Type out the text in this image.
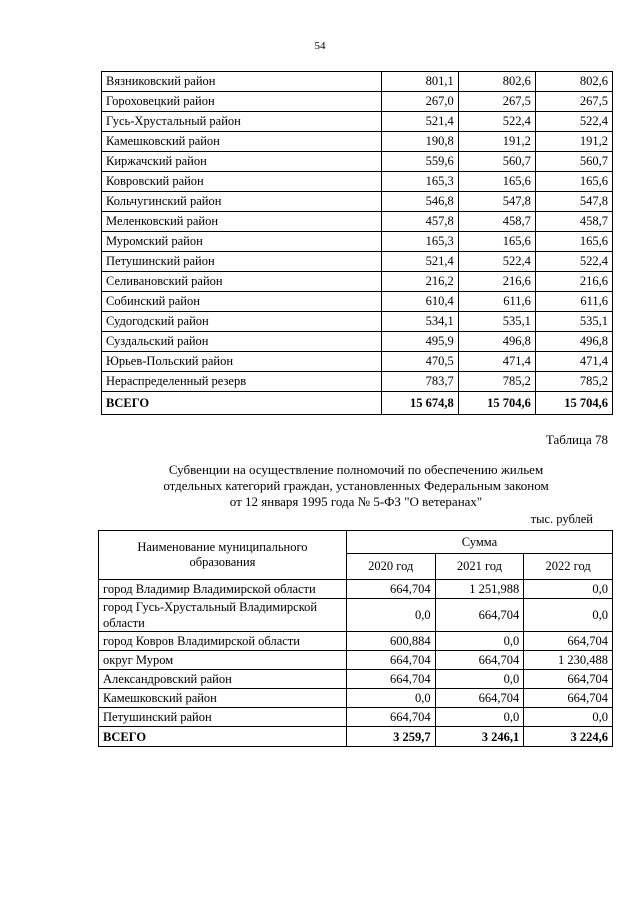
54
Вязниковский район	801,1	802,6	802,6
Гороховецкий район	267,0	267,5	267,5
Гусь-Хрустальный район	521,4	522,4	522,4
Камешковский район	190,8	191,2	191,2
Киржачский район	559,6	560,7	560,7
Ковровский район	165,3	165,6	165,6
Кольчугинский район	546,8	547,8	547,8
Меленковский район	457,8	458,7	458,7
Муромский район	165,3	165,6	165,6
Петушинский район	521,4	522,4	522,4
Селивановский район	216,2	216,6	216,6
Собинский район	610,4	611,6	611,6
Судогодский район	534,1	535,1	535,1
Суздальский район	495,9	496,8	496,8
Юрьев-Польский район	470,5	471,4	471,4
Нераспределенный резерв	783,7	785,2	785,2
ВСЕГО	15 674,8	15 704,6	15 704,6
Таблица 78
Субвенции на осуществление полномочий по обеспечению жильем
отдельных категорий граждан, установленных Федеральным законом
от 12 января 1995 года № 5-ФЗ "О ветеранах"
тыс. рублей
Наименование муниципального образования	Сумма		
	2020 год	2021 год	2022 год
город Владимир Владимирской области	664,704	1 251,988	0,0
город Гусь-Хрустальный Владимирской области	0,0	664,704	0,0
город Ковров Владимирской области	600,884	0,0	664,704
округ Муром	664,704	664,704	1 230,488
Александровский район	664,704	0,0	664,704
Камешковский район	0,0	664,704	664,704
Петушинский район	664,704	0,0	0,0
ВСЕГО	3 259,7	3 246,1	3 224,6
